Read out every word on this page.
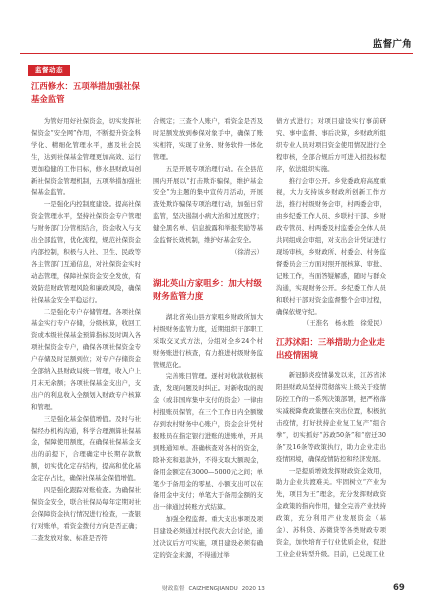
监督广角
监督动态
江西修水：五项举措加强社保基金监管

为管好用好社保资金，切实发挥社保资金“安全网”作用，不断提升资金科学化、精细化管理水平，惠及社会民生，达到社保基金管理更加高效、运行更加稳健的工作目标，修水县财政局创新社保资金管理机制，五项举措加强社保基金监管。

一是强化内控制度建设。提高社保资金管理水平，坚持社保资金专户管理与财务部门分管相结合，资金收入与支出全部监管，优化流程，规范社保资金内部控制，积极与人社、卫生、民政等各主管部门互通信息，对社保资金实时动态管理，保障社保资金安全发放，有效防范财政管理风险和廉政风险，确保社保基金安全平稳运行。

二是强化专户存储管理。各项社保基金实行专户存储，分级核算，收回工资或本级社保基金预算指标及时调入各项社保资金专户，确保各项社保资金专户存储及时足额到位；对专户存储资金全部纳入县财政局统一管理，收入户上月末无余额；各项社保基金支出户，支出户的利息收入全额划入财政专户核算和管理。

三是强化基金保值增值。及时与社保经办机构沟通，科学合理测算社保基金，保障使用额度，在确保社保基金支出的前提下，合理确定中长期存款数额，切实优化定存结构，提高和优化基金定存占比，确保社保基金保值增值。

四是强化跟踪对账检查。为确保社保资金安全，联合社保局每年定期对社会保障资金执行情况进行检查，一查银行对账单，看资金拨付方向是否正确；二查发放对象、标准是否符

合规定；三查个人账户，看资金是否及时足额发放到参保对象手中，确保了账实相符，实现了业务、财务软件一体化管理。

五是开展专项治理行动。在全县范围内开展以“打击欺诈骗保，维护基金安全”为主题的集中宣传月活动，开展查处欺诈骗保专项治理行动，加强日常监管，坚决遏制小病大治和过度医疗；健全黑名单、信息披露和举报奖励等基金监督长效机制，维护好基金安全。

（徐清云）
湖北英山方家咀乡：加大村级财务监管力度

湖北省英山县方家咀乡财政所加大村级财务监管力度，近期组织干部职工采取交叉式方法，分组对全乡24个村财务账进行核查，有力推进村级财务监管规范化。

完善账目管理。逐村对收款收据核查，发现问题及时纠正。对新收取的现金（或非国库集中支付的资金）一律由村报账员保管，在三个工作日内全额缴存到农村财务中心账户，资金会计凭村报账员在指定银行进账的进账单，开具到账通知单。准确核查对各村的资金，除补充和退款外，不得支取大额现金，备用金额定在3000—5000元之间；单笔少于备用金的零星、小额支出可以在备用金中支付；单笔大于备用金额的支出一律通过转账方式结算。

加强全程监督。重大支出事项及项目建设必须通过村民代表大会讨论，通过决议后方可实施，项目建设必须有确定的资金来源，不得通过举

债方式进行；对项目建设实行事前研究、事中监督、事后决算，乡财政所组织专业人员对项目资金使用情况进行全程审核，全部合规后方可进入招投标程序，依法组织实施。

推行会审公开。乡党委政府高度重视，大力支持该乡财政所创新工作方法，推行村级财务会审，村两委会审，由乡纪委工作人员、乡联村干部、乡财政专管员、村两委及村监委会全体人员共同组成会审组，对支出会计凭证进行现场审核，乡财政所、村委会、村务监督委员会三方面对照开展核算、审批、记账工作，当面答疑解惑，随时与群众沟通，实现财务公开。乡纪委工作人员和联村干部对资金监督整个会审过程，确保依规守纪。

（王淮名　杨永胜　徐爱民）
江苏沭阳：三举措助力企业走出疫情困境

新冠肺炎疫情暴发以来，江苏省沭阳县财政局坚持贯彻落实上级关于疫情防控工作的一系列决策部署，把严格落实减税降费政策摆在突出位置，积极抗击疫情，打好扶持企业复工复产“组合拳”，切实抓好“苏政50条”和“宿迁30条”及16条等政策执行，助力企业走出疫情困境，确保疫情防控和经济发展。

一是提质增效发挥财政资金效用，助力企业共渡难关。牢固树立“产业为先，项目为王”理念，充分发挥财政资金政策的指向作用，健全完善产业扶持政策，充分利用产业发展资金（基金）、苏科贷、苏微贷等各类财政专项资金，加快培育子行业优质企业，促进工业企业转型升级。目前，已兑现工业

财政监督 CAIZHENGJIANDU 2020 13	69
